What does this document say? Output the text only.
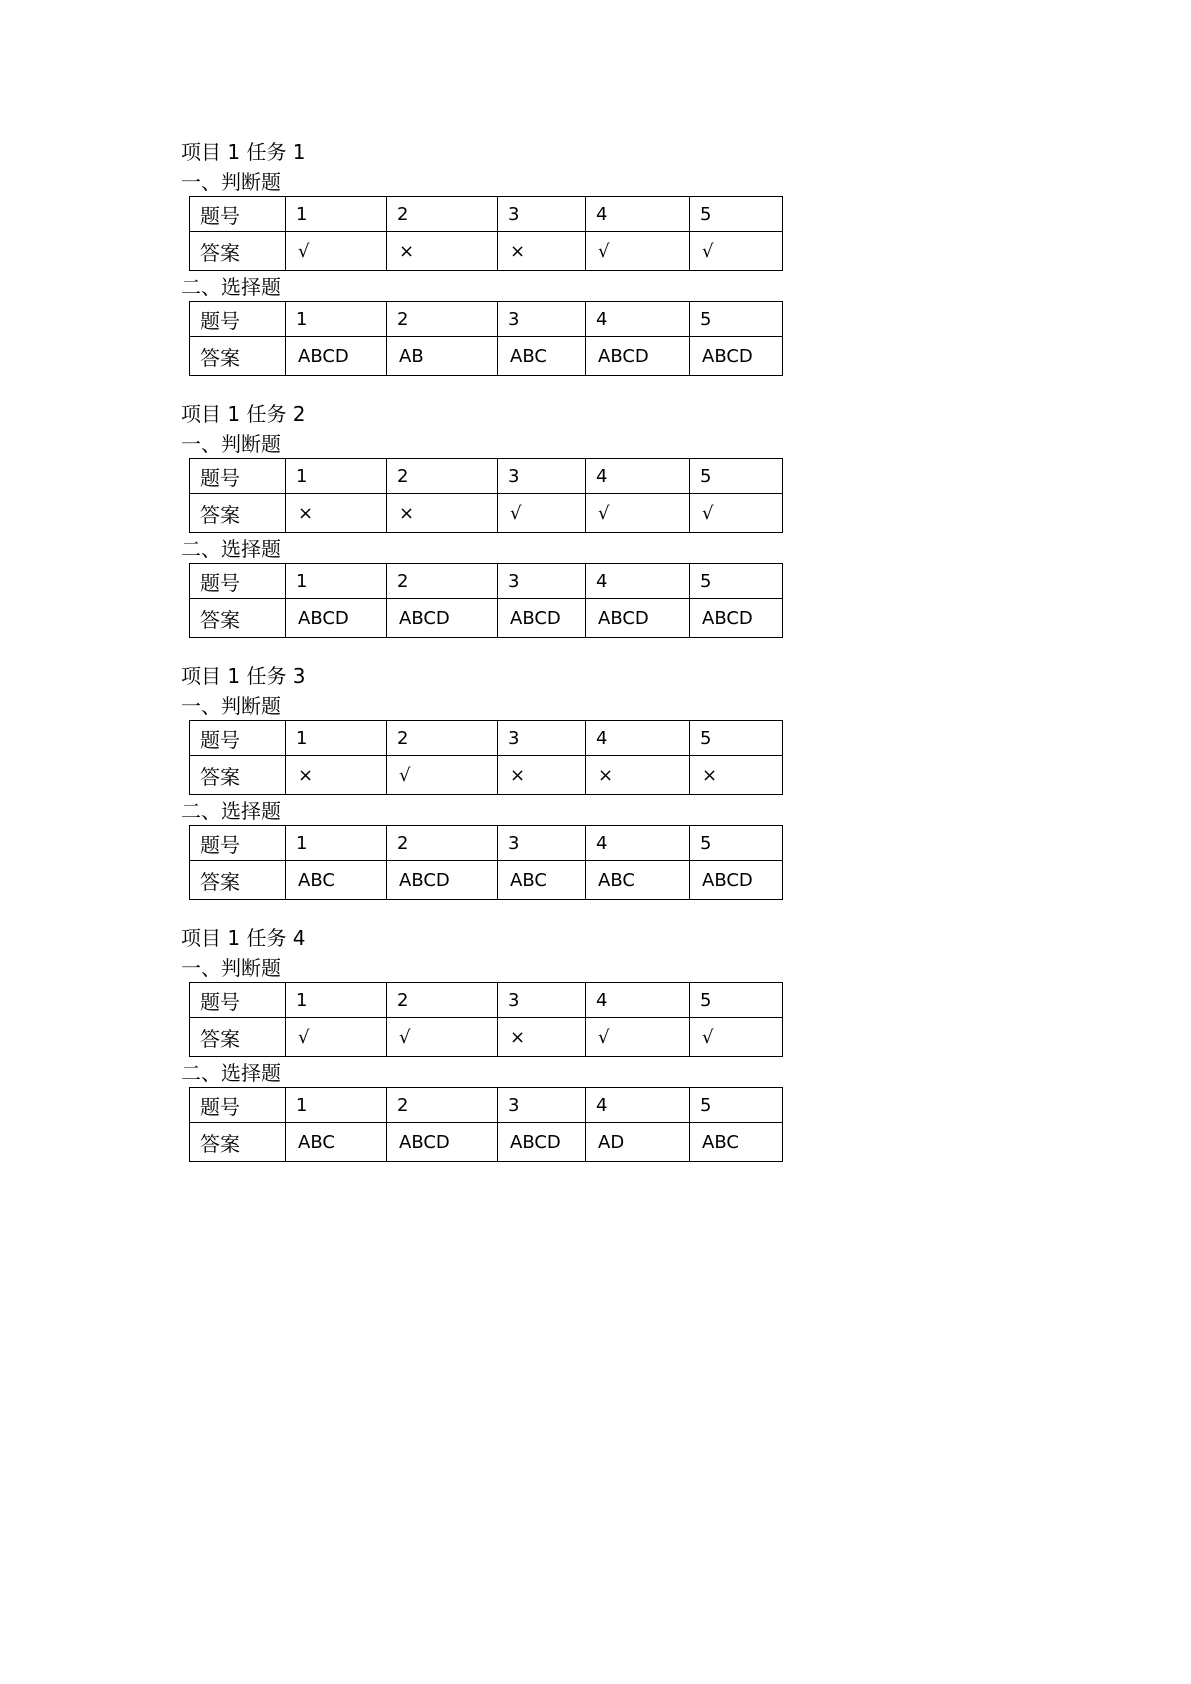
项目 1 任务 1
一、判断题
题号	1	2	3	4	5
答案	√	×	×	√	√
二、选择题
题号	1	2	3	4	5
答案	ABCD	AB	ABC	ABCD	ABCD
项目 1 任务 2
一、判断题
题号	1	2	3	4	5
答案	×	×	√	√	√
二、选择题
题号	1	2	3	4	5
答案	ABCD	ABCD	ABCD	ABCD	ABCD
项目 1 任务 3
一、判断题
题号	1	2	3	4	5
答案	×	√	×	×	×
二、选择题
题号	1	2	3	4	5
答案	ABC	ABCD	ABC	ABC	ABCD
项目 1 任务 4
一、判断题
题号	1	2	3	4	5
答案	√	√	×	√	√
二、选择题
题号	1	2	3	4	5
答案	ABC	ABCD	ABCD	AD	ABC
